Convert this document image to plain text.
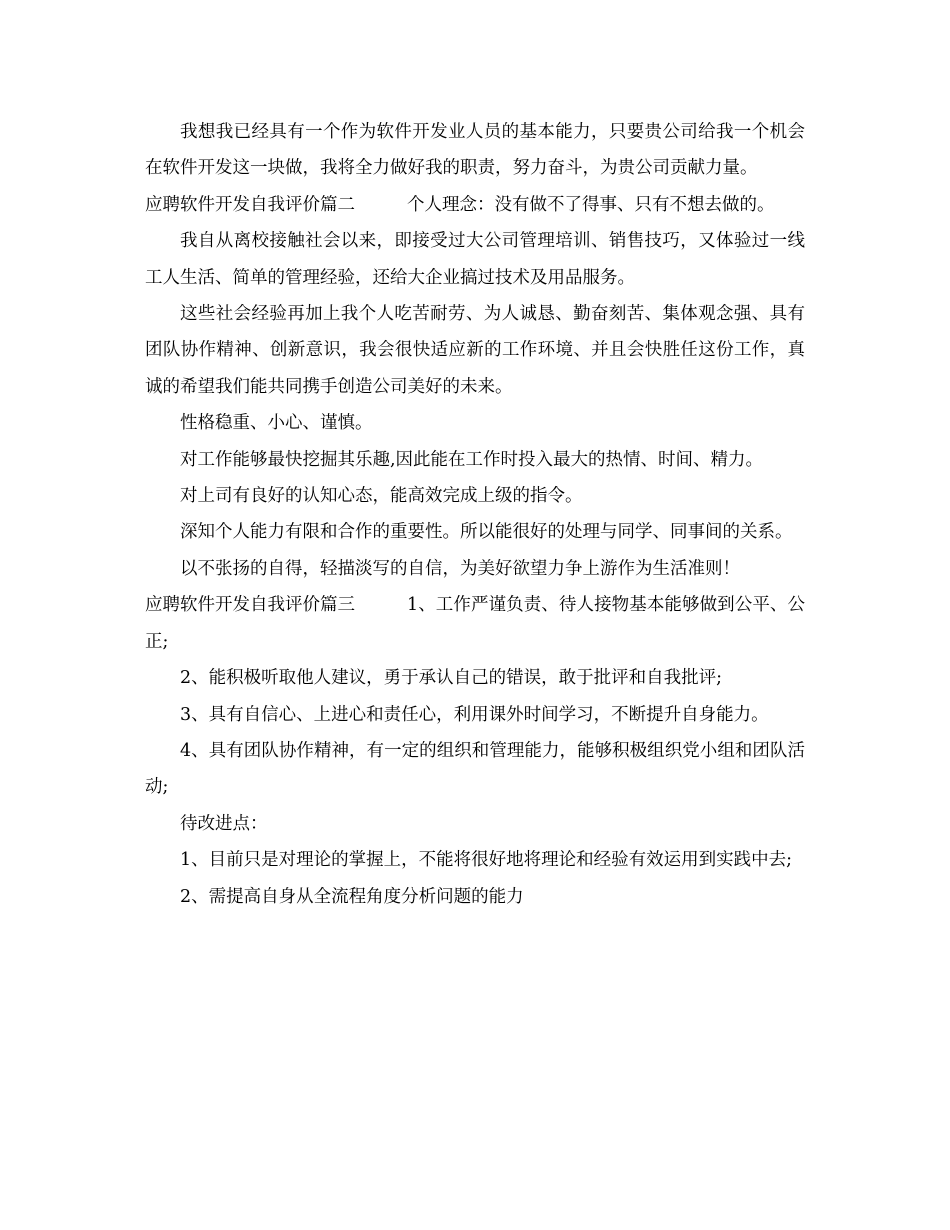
我想我已经具有一个作为软件开发业人员的基本能力，只要贵公司给我一个机会在软件开发这一块做，我将全力做好我的职责，努力奋斗，为贵公司贡献力量。

应聘软件开发自我评价篇二	个人理念：没有做不了得事、只有不想去做的。

我自从离校接触社会以来，即接受过大公司管理培训、销售技巧，又体验过一线工人生活、简单的管理经验，还给大企业搞过技术及用品服务。

这些社会经验再加上我个人吃苦耐劳、为人诚恳、勤奋刻苦、集体观念强、具有团队协作精神、创新意识，我会很快适应新的工作环境、并且会快胜任这份工作，真诚的希望我们能共同携手创造公司美好的未来。

性格稳重、小心、谨慎。

对工作能够最快挖掘其乐趣,因此能在工作时投入最大的热情、时间、精力。

对上司有良好的认知心态，能高效完成上级的指令。

深知个人能力有限和合作的重要性。所以能很好的处理与同学、同事间的关系。

以不张扬的自得，轻描淡写的自信，为美好欲望力争上游作为生活准则！

应聘软件开发自我评价篇三	1、工作严谨负责、待人接物基本能够做到公平、公正;

2、能积极听取他人建议，勇于承认自己的错误，敢于批评和自我批评;

3、具有自信心、上进心和责任心，利用课外时间学习，不断提升自身能力。

4、具有团队协作精神，有一定的组织和管理能力，能够积极组织党小组和团队活动;

待改进点：

1、目前只是对理论的掌握上，不能将很好地将理论和经验有效运用到实践中去;

2、需提高自身从全流程角度分析问题的能力
